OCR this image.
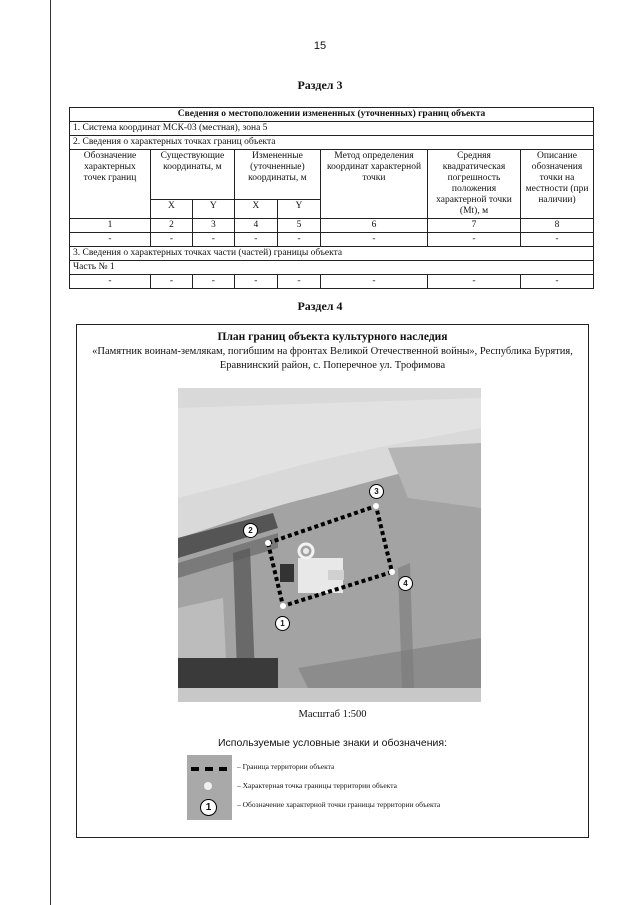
15
Раздел 3
Сведения о местоположении измененных (уточненных) границ объекта							
1. Система координат МСК-03 (местная), зона 5							
2. Сведения о характерных точках границ объекта							
Обозначение характерных точек границ	Существующие координаты, м		Измененные (уточненные) координаты, м		Метод определения координат характерной точки	Средняя квадратическая погрешность положения характерной точки (Mt), м	Описание обозначения точки на местности (при наличии)
	X	Y	X	Y			
1	2	3	4	5	6	7	8
-	-	-	-	-	-	-	-
3. Сведения о характерных точках части (частей) границы объекта							
Часть № 1							
-	-	-	-	-	-	-	-
Раздел 4
План границ объекта культурного наследия
«Памятник воинам-землякам, погибшим на фронтах Великой Отечественной войны», Республика Бурятия, Еравнинский район, с. Поперечное ул. Трофимова
1
2
3
4
Масштаб 1:500
Используемые условные знаки и обозначения:
1
– Граница территории объекта
– Характерная точка границы территории объекта
– Обозначение характерной точки границы территории объекта
